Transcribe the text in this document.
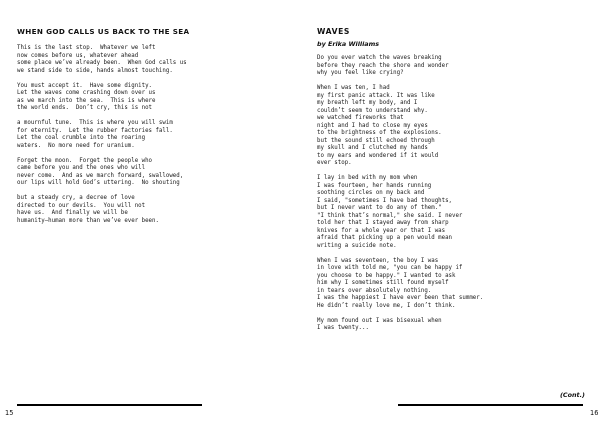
WHEN GOD CALLS US BACK TO THE SEA

This is the last stop.  Whatever we left
now comes before us, whatever ahead
some place we’ve already been.  When God calls us
we stand side to side, hands almost touching.

You must accept it.  Have some dignity.
Let the waves come crashing down over us
as we march into the sea.  This is where
the world ends.  Don’t cry, this is not

a mournful tune.  This is where you will swim
for eternity.  Let the rubber factories fall.
Let the coal crumble into the roaring
waters.  No more need for uranium.

Forget the moon.  Forget the people who
came before you and the ones who will
never come.  And as we march forward, swallowed,
our lips will hold God’s uttering.  No shouting

but a steady cry, a decree of love
directed to our devils.  You will not
have us.  And finally we will be
humanity—human more than we’ve ever been.

15
WAVES

by Erika Williams

Do you ever watch the waves breaking
before they reach the shore and wonder
why you feel like crying?

When I was ten, I had
my first panic attack. It was like
my breath left my body, and I
couldn’t seem to understand why.
we watched fireworks that
night and I had to close my eyes
to the brightness of the explosions.
but the sound still echoed through
my skull and I clutched my hands
to my ears and wondered if it would
ever stop.

I lay in bed with my mom when
I was fourteen, her hands running
soothing circles on my back and
I said, "sometimes I have bad thoughts,
but I never want to do any of them."
"I think that’s normal," she said. I never
told her that I stayed away from sharp
knives for a whole year or that I was
afraid that picking up a pen would mean
writing a suicide note.

When I was seventeen, the boy I was
in love with told me, "you can be happy if
you choose to be happy." I wanted to ask
him why I sometimes still found myself
in tears over absolutely nothing.
I was the happiest I have ever been that summer.
He didn’t really love me, I don’t think.

My mom found out I was bisexual when
I was twenty...

(Cont.)
16
